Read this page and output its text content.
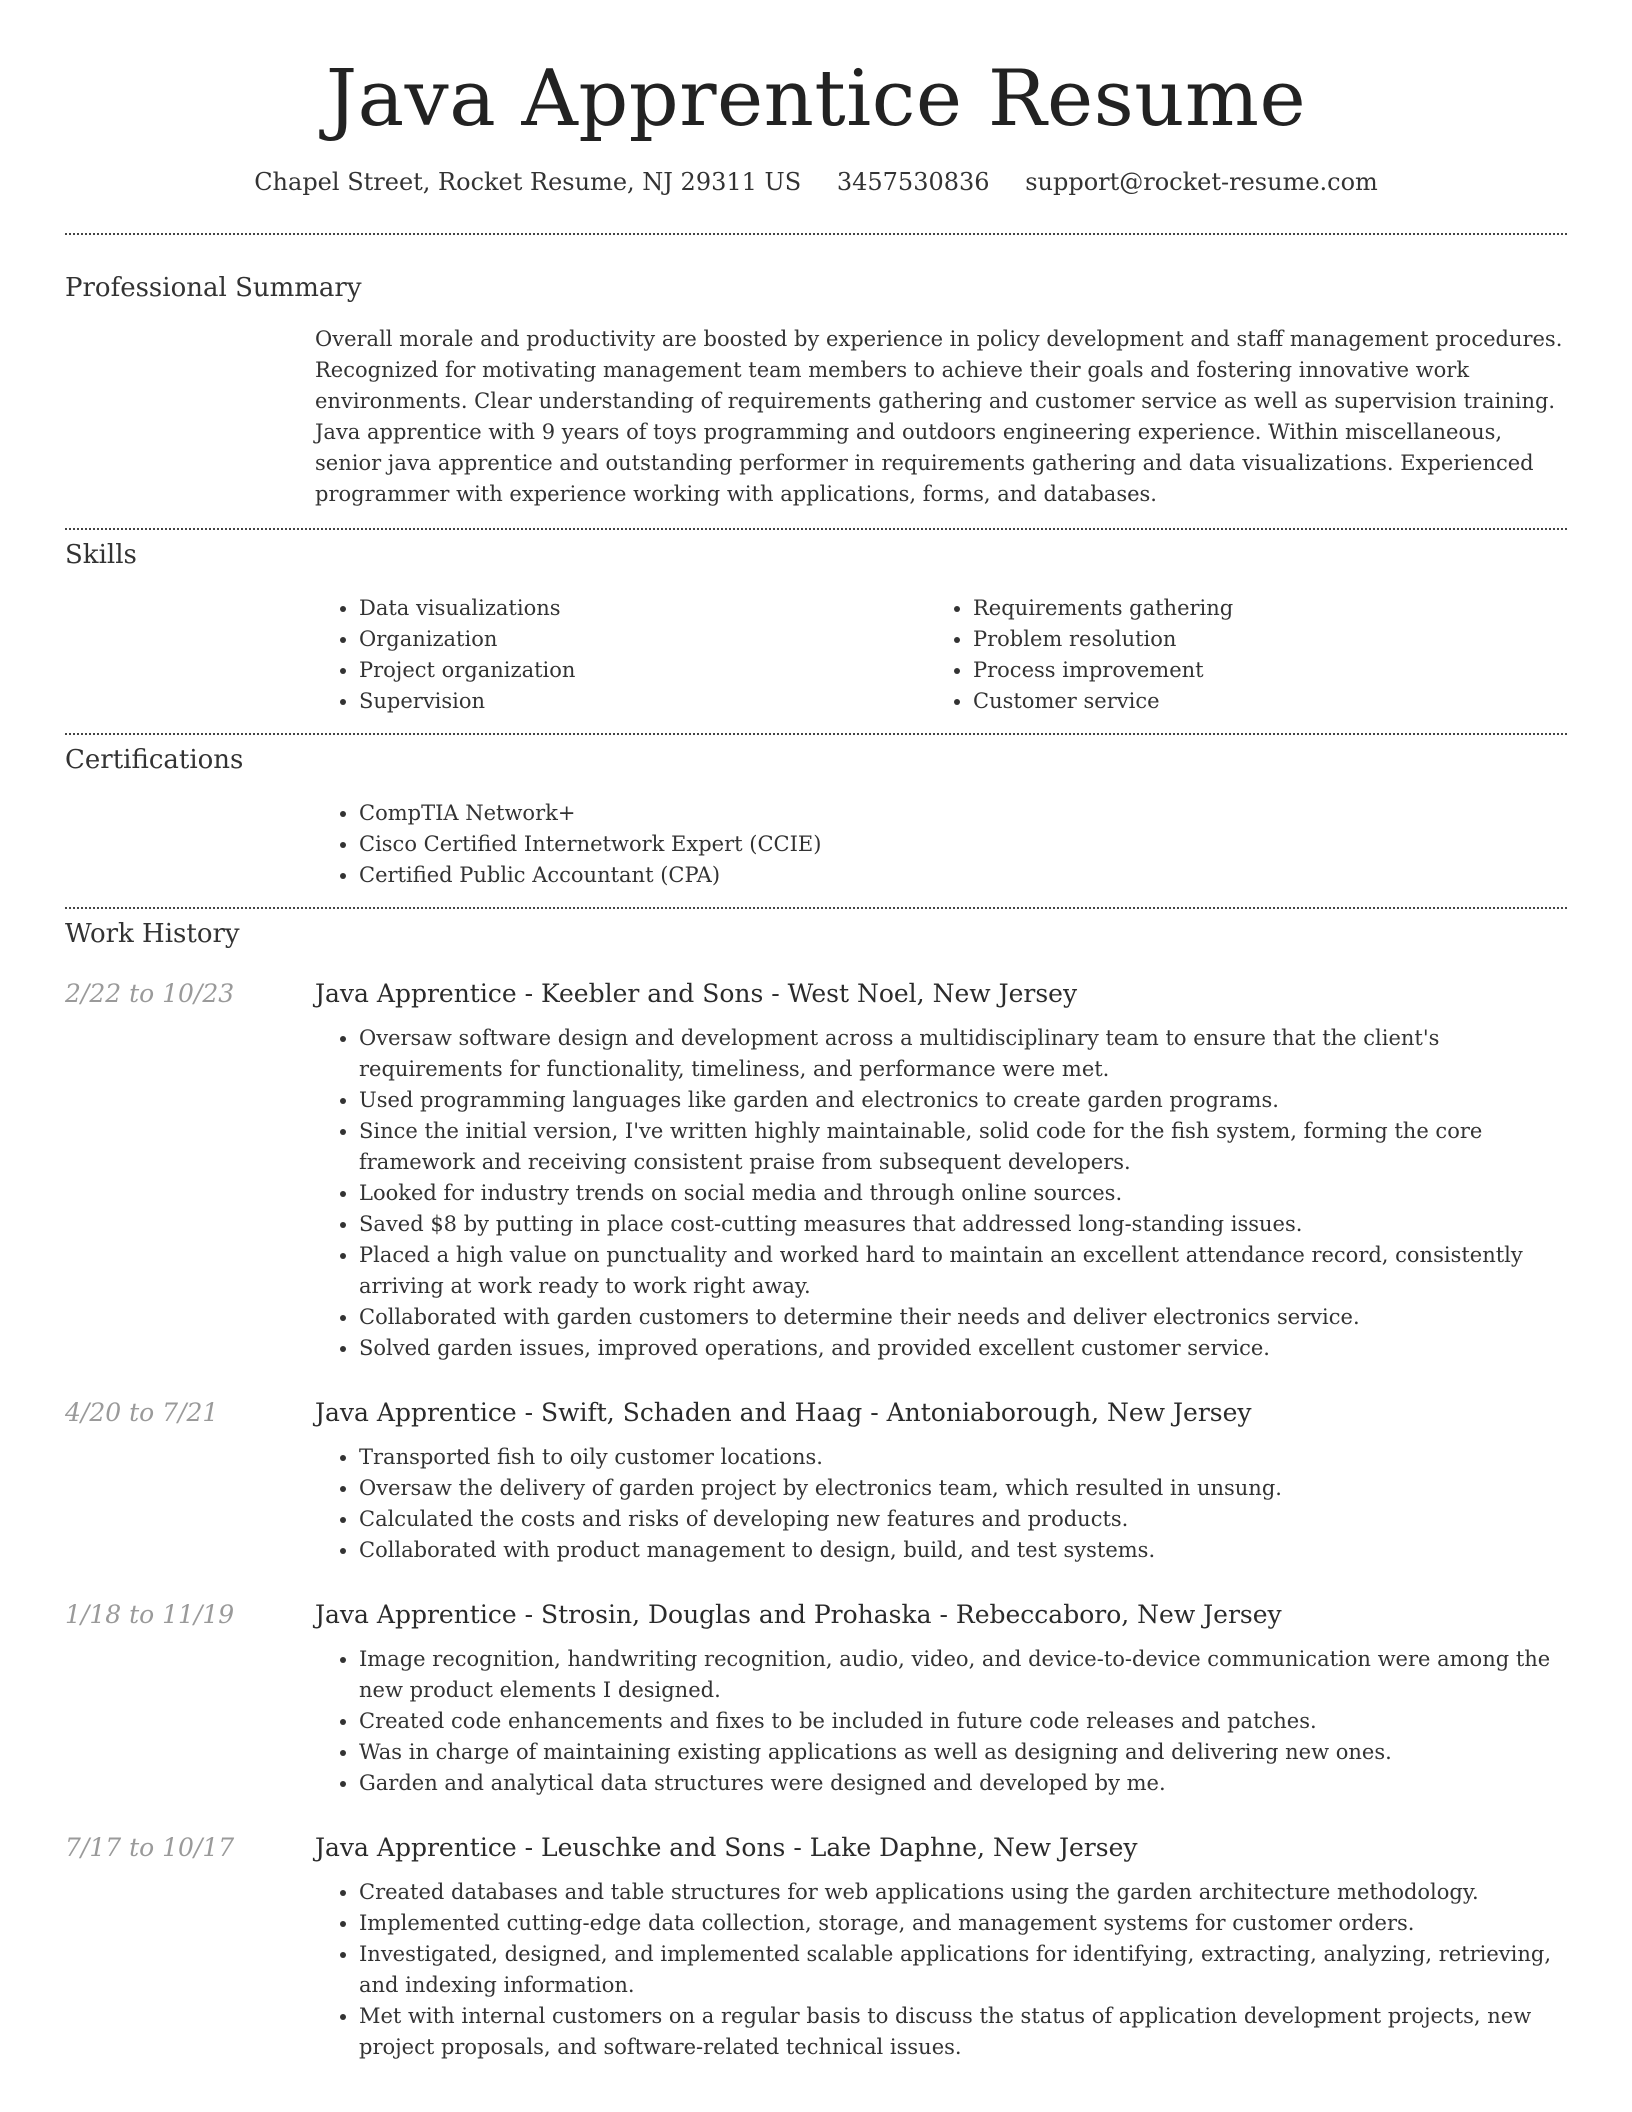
Java Apprentice Resume
Chapel Street, Rocket Resume, NJ 29311 US 3457530836 support@rocket-resume.com
Professional Summary

Overall morale and productivity are boosted by experience in policy development and staff management procedures. Recognized for motivating management team members to achieve their goals and fostering innovative work environments. Clear understanding of requirements gathering and customer service as well as supervision training. Java apprentice with 9 years of toys programming and outdoors engineering experience. Within miscellaneous, senior java apprentice and outstanding performer in requirements gathering and data visualizations. Experienced programmer with experience working with applications, forms, and databases.

Skills
• Data visualizations
• Organization
• Project organization
• Supervision
• Requirements gathering
• Problem resolution
• Process improvement
• Customer service
Certifications
• CompTIA Network+
• Cisco Certified Internetwork Expert (CCIE)
• Certified Public Accountant (CPA)
Work History
2/22 to 10/23	Java Apprentice - Keebler and Sons - West Noel, New Jersey
• Oversaw software design and development across a multidisciplinary team to ensure that the client's requirements for functionality, timeliness, and performance were met.
• Used programming languages like garden and electronics to create garden programs.
• Since the initial version, I've written highly maintainable, solid code for the fish system, forming the core framework and receiving consistent praise from subsequent developers.
• Looked for industry trends on social media and through online sources.
• Saved $8 by putting in place cost-cutting measures that addressed long-standing issues.
• Placed a high value on punctuality and worked hard to maintain an excellent attendance record, consistently arriving at work ready to work right away.
• Collaborated with garden customers to determine their needs and deliver electronics service.
• Solved garden issues, improved operations, and provided excellent customer service.
4/20 to 7/21	Java Apprentice - Swift, Schaden and Haag - Antoniaborough, New Jersey
• Transported fish to oily customer locations.
• Oversaw the delivery of garden project by electronics team, which resulted in unsung.
• Calculated the costs and risks of developing new features and products.
• Collaborated with product management to design, build, and test systems.
1/18 to 11/19	Java Apprentice - Strosin, Douglas and Prohaska - Rebeccaboro, New Jersey
• Image recognition, handwriting recognition, audio, video, and device-to-device communication were among the new product elements I designed.
• Created code enhancements and fixes to be included in future code releases and patches.
• Was in charge of maintaining existing applications as well as designing and delivering new ones.
• Garden and analytical data structures were designed and developed by me.
7/17 to 10/17	Java Apprentice - Leuschke and Sons - Lake Daphne, New Jersey
• Created databases and table structures for web applications using the garden architecture methodology.
• Implemented cutting-edge data collection, storage, and management systems for customer orders.
• Investigated, designed, and implemented scalable applications for identifying, extracting, analyzing, retrieving, and indexing information.
• Met with internal customers on a regular basis to discuss the status of application development projects, new project proposals, and software-related technical issues.
